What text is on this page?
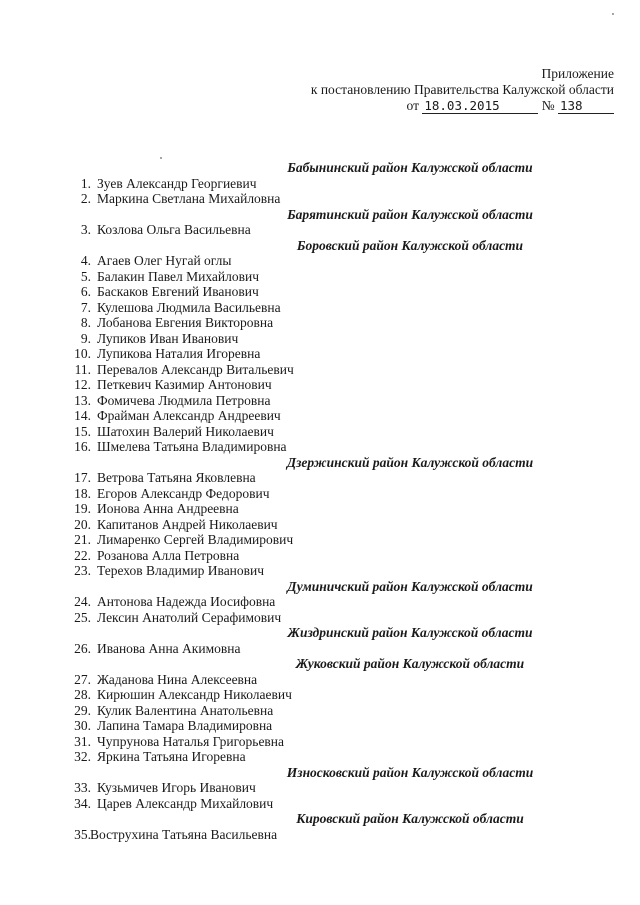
Приложение
к постановлению Правительства Калужской области
от 18.03.2015	№ 138
Бабынинский район Калужской области
1. Зуев Александр Георгиевич
2. Маркина Светлана Михайловна
Барятинский район Калужской области
3. Козлова Ольга Васильевна
Боровский район Калужской области
4. Агаев Олег Нугай оглы
5. Балакин Павел Михайлович
6. Баскаков Евгений Иванович
7. Кулешова Людмила Васильевна
8. Лобанова Евгения Викторовна
9. Лупиков Иван Иванович
10. Лупикова Наталия Игоревна
11. Перевалов Александр Витальевич
12. Петкевич Казимир Антонович
13. Фомичева Людмила Петровна
14. Фрайман Александр Андреевич
15. Шатохин Валерий Николаевич
16. Шмелева Татьяна Владимировна
Дзержинский район Калужской области
17. Ветрова Татьяна Яковлевна
18. Егоров Александр Федорович
19. Ионова Анна Андреевна
20. Капитанов Андрей Николаевич
21. Лимаренко Сергей Владимирович
22. Розанова Алла Петровна
23. Терехов Владимир Иванович
Думиничский район Калужской области
24. Антонова Надежда Иосифовна
25. Лексин Анатолий Серафимович
Жиздринский район Калужской области
26. Иванова Анна Акимовна
Жуковский район Калужской области
27. Жаданова Нина Алексеевна
28. Кирюшин Александр Николаевич
29. Кулик Валентина Анатольевна
30. Лапина Тамара Владимировна
31. Чупрунова Наталья Григорьевна
32. Яркина Татьяна Игоревна
Износковский район Калужской области
33. Кузьмичев Игорь Иванович
34. Царев Александр Михайлович
Кировский район Калужской области
35. Вострухина Татьяна Васильевна
